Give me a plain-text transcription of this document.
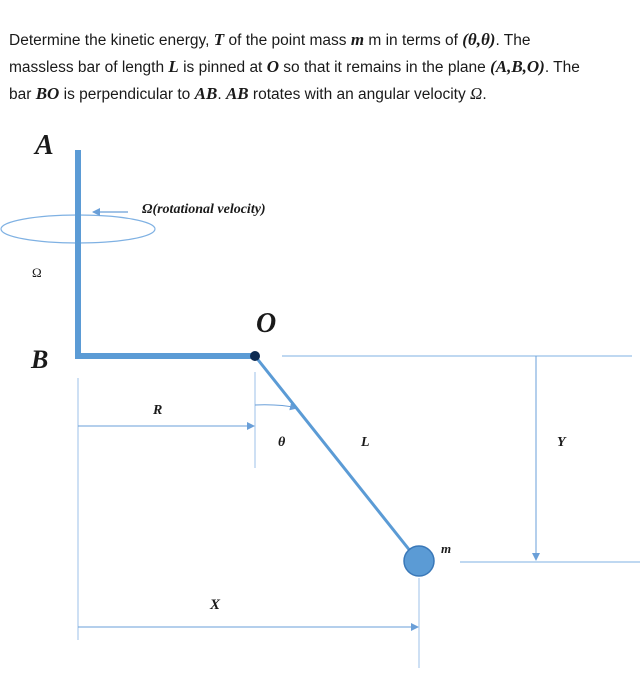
Determine the kinetic energy, T of the point mass m m in terms of (θ,θ). The
massless bar of length L is pinned at O so that it remains in the plane (A,B,O). The
bar BO is perpendicular to AB. AB rotates with an angular velocity Ω.
A
B
O
Ω
Ω(rotational velocity)
R
θ	L	Y
m
X
